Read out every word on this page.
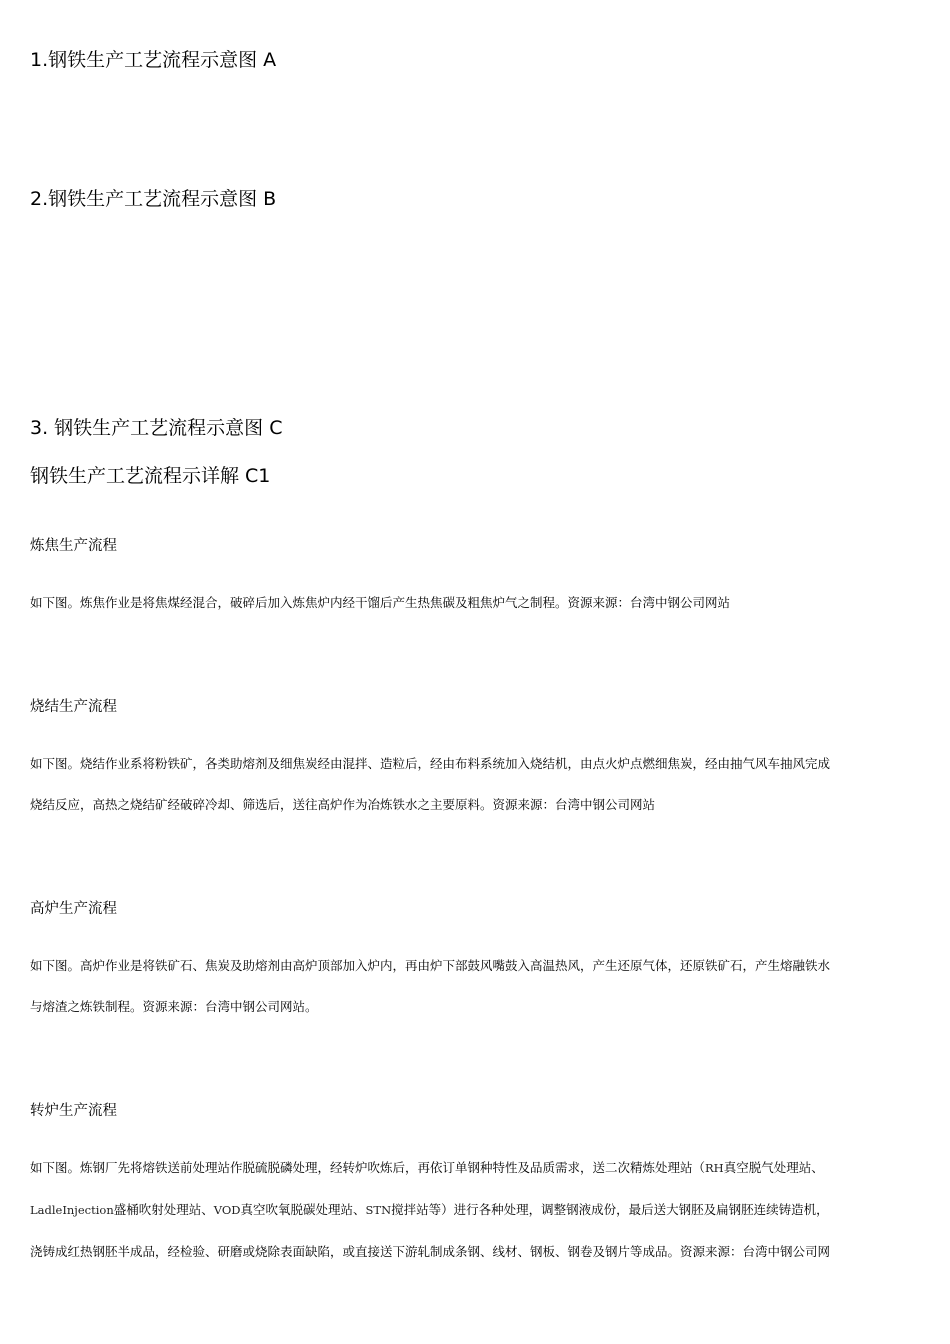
1.钢铁生产工艺流程示意图 A
2.钢铁生产工艺流程示意图 B
3. 钢铁生产工艺流程示意图 C
钢铁生产工艺流程示详解 C1
炼焦生产流程

如下图。炼焦作业是将焦煤经混合，破碎后加入炼焦炉内经干馏后产生热焦碳及粗焦炉气之制程。资源来源：台湾中钢公司网站

烧结生产流程

如下图。烧结作业系将粉铁矿，各类助熔剂及细焦炭经由混拌、造粒后，经由布料系统加入烧结机，由点火炉点燃细焦炭，经由抽气风车抽风完成
烧结反应，高热之烧结矿经破碎冷却、筛选后，送往高炉作为冶炼铁水之主要原料。资源来源：台湾中钢公司网站

高炉生产流程

如下图。高炉作业是将铁矿石、焦炭及助熔剂由高炉顶部加入炉内，再由炉下部鼓风嘴鼓入高温热风，产生还原气体，还原铁矿石，产生熔融铁水
与熔渣之炼铁制程。资源来源：台湾中钢公司网站。

转炉生产流程

如下图。炼钢厂先将熔铁送前处理站作脱硫脱磷处理，经转炉吹炼后，再依订单钢种特性及品质需求，送二次精炼处理站（RH真空脱气处理站、
LadleInjection盛桶吹射处理站、VOD真空吹氧脱碳处理站、STN搅拌站等）进行各种处理，调整钢液成份，最后送大钢胚及扁钢胚连续铸造机，
浇铸成红热钢胚半成品，经检验、研磨或烧除表面缺陷，或直接送下游轧制成条钢、线材、钢板、钢卷及钢片等成品。资源来源：台湾中钢公司网
